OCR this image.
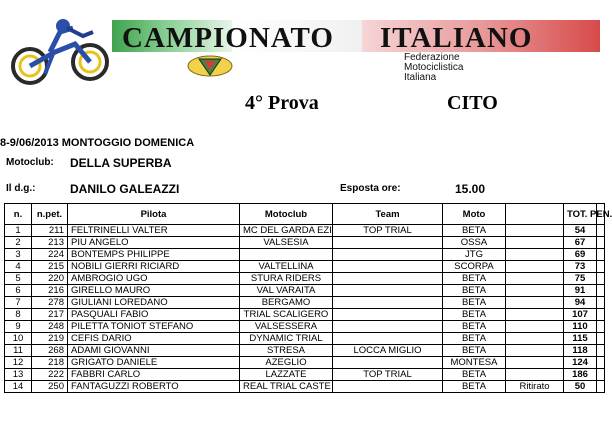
CAMPIONATO ITALIANO
Federazione
Motociclistica
Italiana
4° Prova	CITO
8-9/06/2013 MONTOGGIO DOMENICA
Motoclub: DELLA SUPERBA
Il d.g.:	DANILO GALEAZZI	Esposta ore:	15.00
n.	n.pet.	Pilota	Motoclub	Team	Moto		TOT. PEN.	
1	211	FELTRINELLI VALTER	MC DEL GARDA EZI	TOP TRIAL	BETA		54	
2	213	PIU ANGELO	VALSESIA		OSSA		67	
3	224	BONTEMPS PHILIPPE			JTG		69	
4	215	NOBILI GIERRI RICIARD	VALTELLINA		SCORPA		73	
5	220	AMBROGIO UGO	STURA RIDERS		BETA		75	
6	216	GIRELLO MAURO	VAL VARAITA		BETA		91	
7	278	GIULIANI LOREDANO	BERGAMO		BETA		94	
8	217	PASQUALI FABIO	TRIAL SCALIGERO		BETA		107	
9	248	PILETTA TONIOT STEFANO	VALSESSERA		BETA		110	
10	219	CEFIS DARIO	DYNAMIC TRIAL		BETA		115	
11	268	ADAMI GIOVANNI	STRESA	LOCCA MIGLIO	BETA		118	
12	218	GRIGATO DANIELE	AZEGLIO		MONTESA		124	
13	222	FABBRI CARLO	LAZZATE	TOP TRIAL	BETA		186	
14	250	FANTAGUZZI ROBERTO	REAL TRIAL CASTE		BETA	Ritirato	50	
